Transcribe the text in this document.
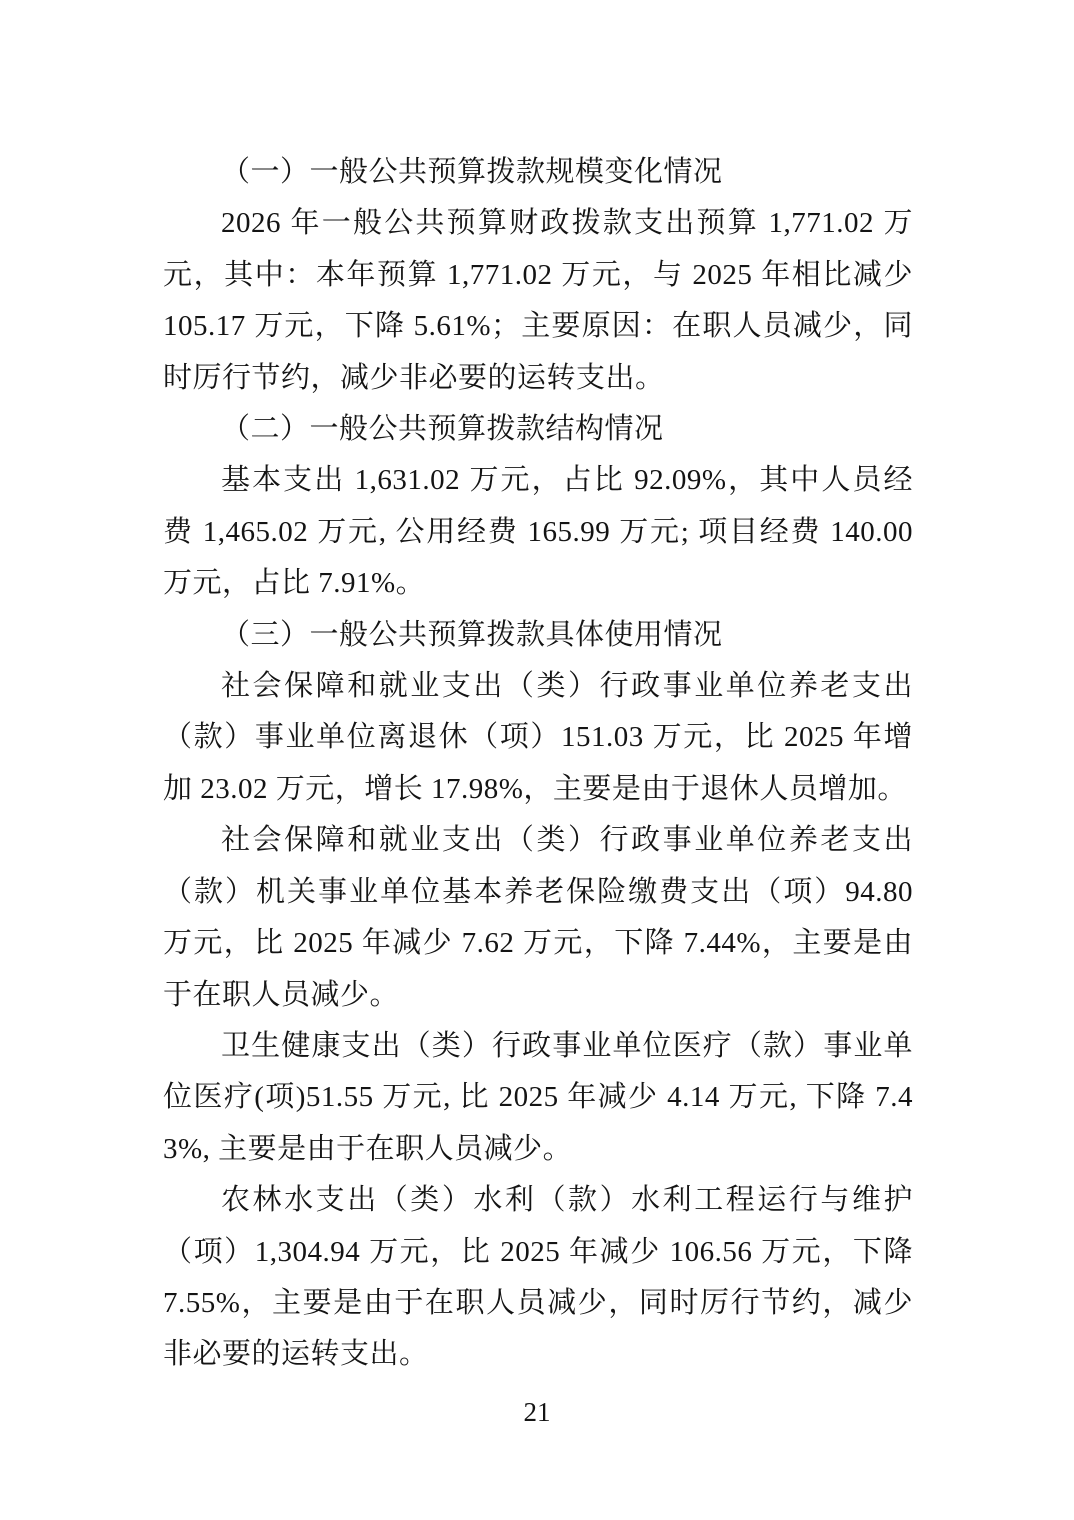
（一）一般公共预算拨款规模变化情况

2026 年一般公共预算财政拨款支出预算 1,771.02 万元，其中：本年预算 1,771.02 万元，与 2025 年相比减少 105.17 万元，下降 5.61%；主要原因：在职人员减少，同时厉行节约，减少非必要的运转支出。

（二）一般公共预算拨款结构情况

基本支出 1,631.02 万元，占比 92.09%，其中人员经费 1,465.02 万元, 公用经费 165.99 万元; 项目经费 140.00 万元，占比 7.91%。

（三）一般公共预算拨款具体使用情况

社会保障和就业支出（类）行政事业单位养老支出（款）事业单位离退休（项）151.03 万元，比 2025 年增加 23.02 万元，增长 17.98%，主要是由于退休人员增加。

社会保障和就业支出（类）行政事业单位养老支出（款）机关事业单位基本养老保险缴费支出（项）94.80 万元，比 2025 年减少 7.62 万元，下降 7.44%，主要是由于在职人员减少。

卫生健康支出（类）行政事业单位医疗（款）事业单位医疗(项)51.55 万元, 比 2025 年减少 4.14 万元, 下降 7.43%, 主要是由于在职人员减少。

农林水支出（类）水利（款）水利工程运行与维护（项）1,304.94 万元，比 2025 年减少 106.56 万元，下降 7.55%，主要是由于在职人员减少，同时厉行节约，减少非必要的运转支出。

21
